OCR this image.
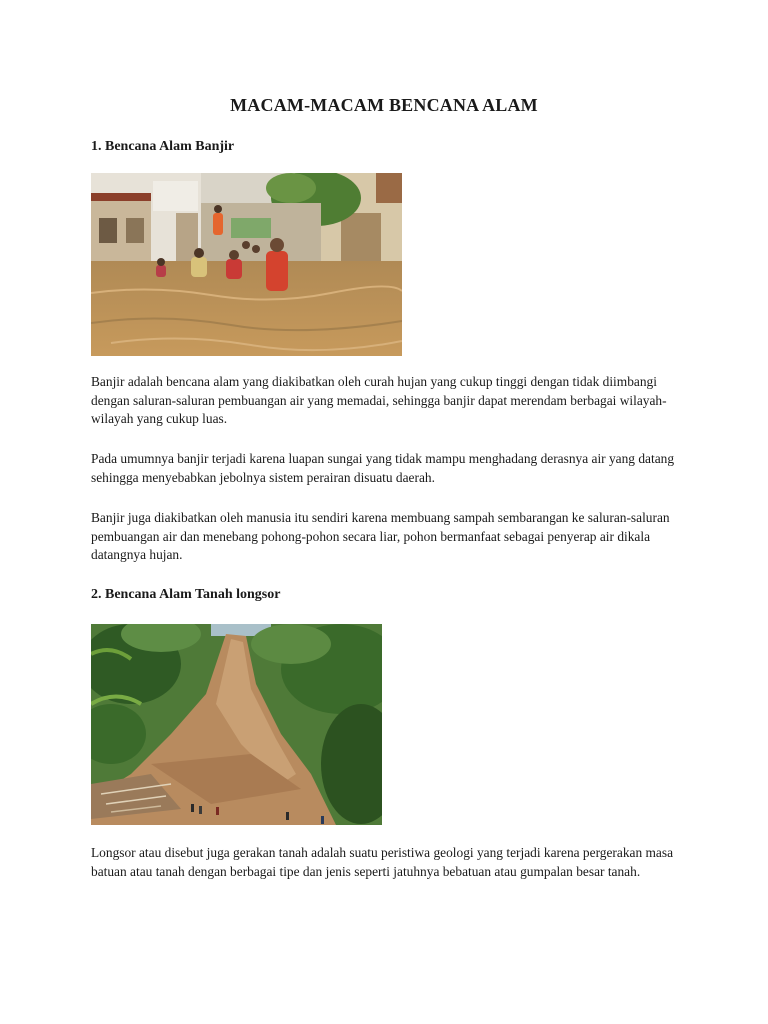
MACAM-MACAM BENCANA ALAM
1. Bencana Alam Banjir

Banjir adalah bencana alam yang diakibatkan oleh curah hujan yang cukup tinggi dengan tidak diimbangi dengan saluran-saluran pembuangan air yang memadai, sehingga banjir dapat merendam berbagai wilayah-wilayah yang cukup luas.

Pada umumnya banjir terjadi karena luapan sungai yang tidak mampu menghadang derasnya air yang datang sehingga menyebabkan jebolnya sistem perairan disuatu daerah.

Banjir juga diakibatkan oleh manusia itu sendiri karena membuang sampah sembarangan ke saluran-saluran pembuangan air dan menebang pohong-pohon secara liar, pohon bermanfaat sebagai penyerap air dikala datangnya hujan.

2. Bencana Alam Tanah longsor

Longsor atau disebut juga gerakan tanah adalah suatu peristiwa geologi yang terjadi karena pergerakan masa batuan atau tanah dengan berbagai tipe dan jenis seperti jatuhnya bebatuan atau gumpalan besar tanah.
